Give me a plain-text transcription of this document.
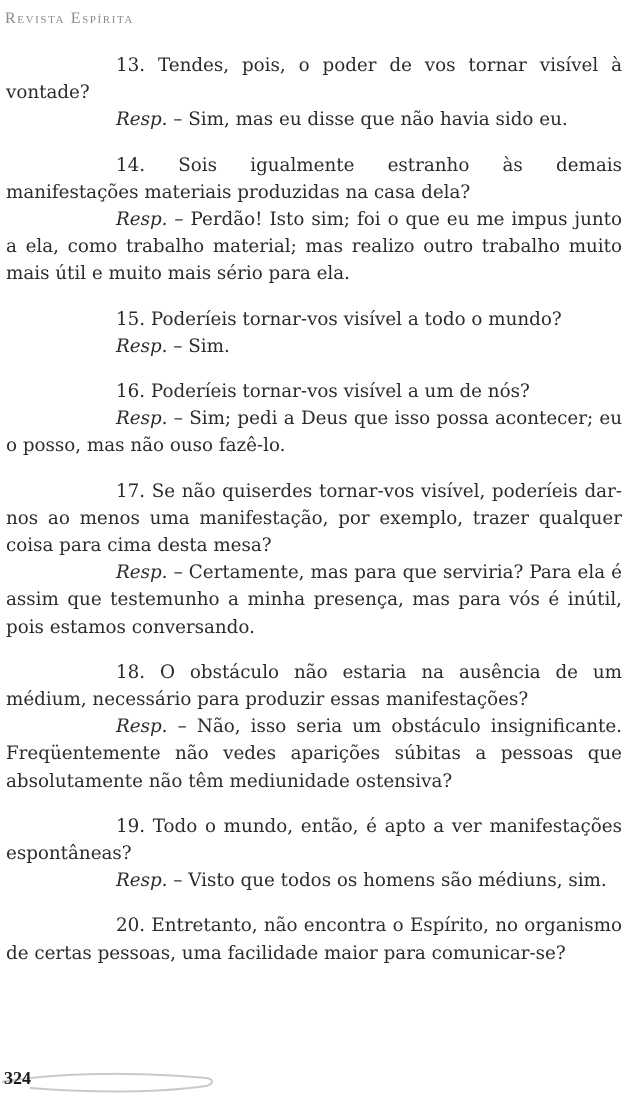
Revista Espírita

13. Tendes, pois, o poder de vos tornar visível à vontade?

Resp. – Sim, mas eu disse que não havia sido eu.

14. Sois igualmente estranho às demais manifestações materiais produzidas na casa dela?

Resp. – Perdão! Isto sim; foi o que eu me impus junto a ela, como trabalho material; mas realizo outro trabalho muito mais útil e muito mais sério para ela.

15. Poderíeis tornar-vos visível a todo o mundo?

Resp. – Sim.

16. Poderíeis tornar-vos visível a um de nós?

Resp. – Sim; pedi a Deus que isso possa acontecer; eu o posso, mas não ouso fazê-lo.

17. Se não quiserdes tornar-vos visível, poderíeis dar-nos ao menos uma manifestação, por exemplo, trazer qualquer coisa para cima desta mesa?

Resp. – Certamente, mas para que serviria? Para ela é assim que testemunho a minha presença, mas para vós é inútil, pois estamos conversando.

18. O obstáculo não estaria na ausência de um médium, necessário para produzir essas manifestações?

Resp. – Não, isso seria um obstáculo insignificante. Freqüentemente não vedes aparições súbitas a pessoas que absolutamente não têm mediunidade ostensiva?

19. Todo o mundo, então, é apto a ver manifestações espontâneas?

Resp. – Visto que todos os homens são médiuns, sim.

20. Entretanto, não encontra o Espírito, no organismo de certas pessoas, uma facilidade maior para comunicar-se?

324
